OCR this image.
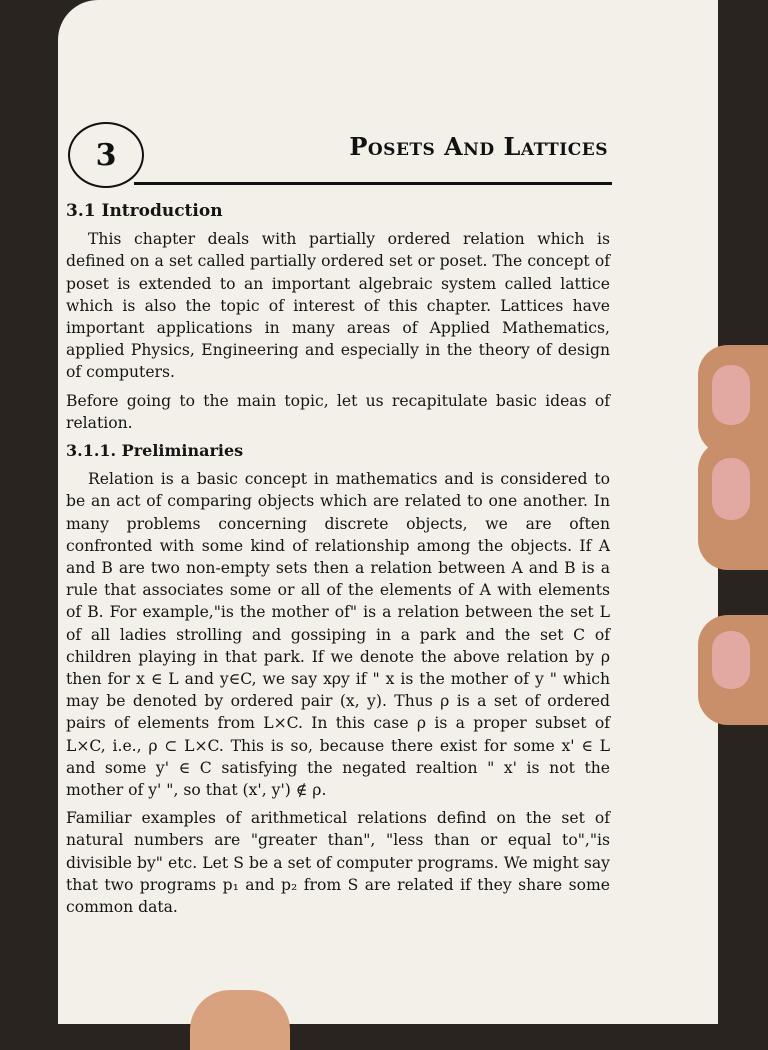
3	Posets And Lattices
3.1 Introduction

This chapter deals with partially ordered relation which is defined on a set called partially ordered set or poset. The concept of poset is extended to an important algebraic system called lattice which is also the topic of interest of this chapter. Lattices have important applications in many areas of Applied Mathematics, applied Physics, Engineering and especially in the theory of design of computers.

Before going to the main topic, let us recapitulate basic ideas of relation.

3.1.1. Preliminaries

Relation is a basic concept in mathematics and is considered to be an act of comparing objects which are related to one another. In many problems concerning discrete objects, we are often confronted with some kind of relationship among the objects. If A and B are two non-empty sets then a relation between A and B is a rule that associates some or all of the elements of A with elements of B. For example,"is the mother of" is a relation between the set L of all ladies strolling and gossiping in a park and the set C of children playing in that park. If we denote the above relation by ρ then for x ∈ L and y∈C, we say xρy if " x is the mother of y " which may be denoted by ordered pair (x, y). Thus ρ is a set of ordered pairs of elements from L×C. In this case ρ is a proper subset of L×C, i.e., ρ ⊂ L×C. This is so, because there exist for some x' ∈ L and some y' ∈ C satisfying the negated realtion " x' is not the mother of y' ", so that (x', y') ∉ ρ.

Familiar examples of arithmetical relations defind on the set of natural numbers are "greater than", "less than or equal to","is divisible by" etc. Let S be a set of computer programs. We might say that two programs p₁ and p₂ from S are related if they share some common data.
